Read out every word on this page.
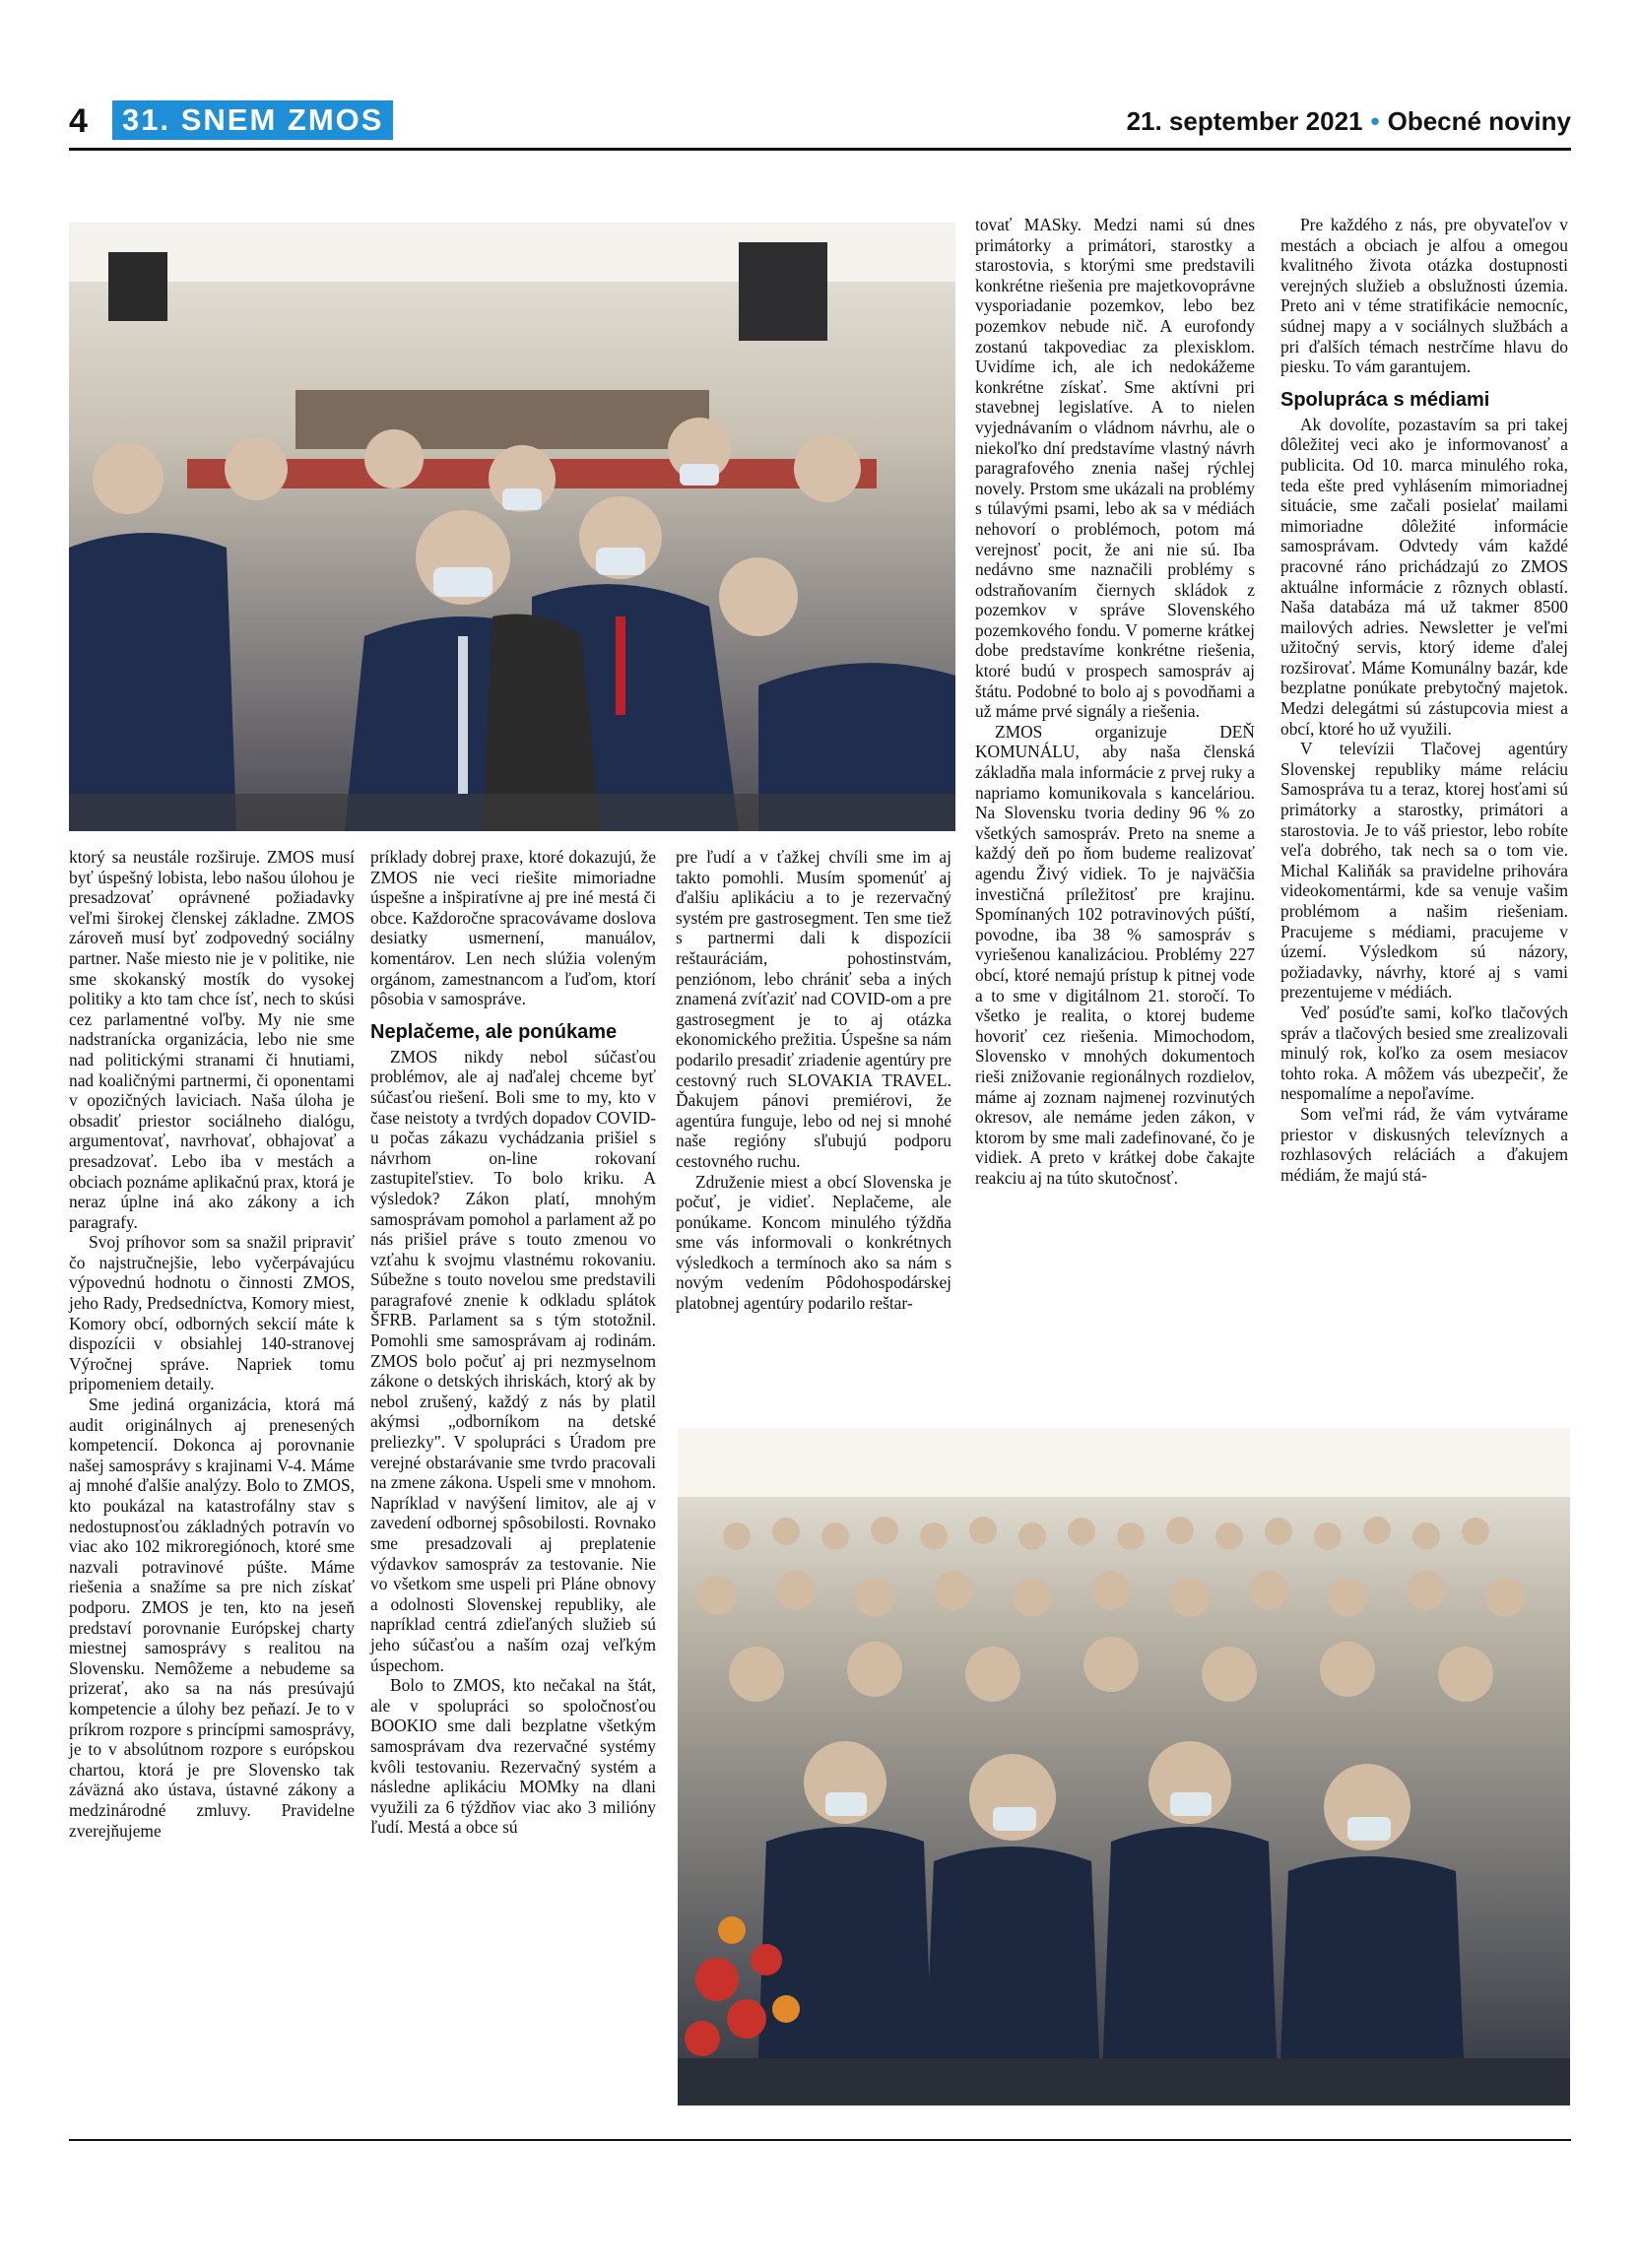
4	31. SNEM ZMOS	21. september 2021 • Obecné noviny

ktorý sa neustále rozširuje. ZMOS musí byť úspešný lobista, lebo našou úlohou je presadzovať oprávnené požiadavky veľmi širokej členskej základne. ZMOS zároveň musí byť zodpovedný sociálny partner. Naše miesto nie je v politike, nie sme skokanský mostík do vysokej politiky a kto tam chce ísť, nech to skúsi cez parlamentné voľby. My nie sme nadstranícka organizácia, lebo nie sme nad politickými stranami či hnutiami, nad koaličnými partnermi, či oponentami v opozičných laviciach. Naša úloha je obsadiť priestor sociálneho dialógu, argumentovať, navrhovať, obhajovať a presadzovať. Lebo iba v mestách a obciach poznáme aplikačnú prax, ktorá je neraz úplne iná ako zákony a ich paragrafy.

Svoj príhovor som sa snažil pripraviť čo najstručnejšie, lebo vyčerpávajúcu výpovednú hodnotu o činnosti ZMOS, jeho Rady, Predsedníctva, Komory miest, Komory obcí, odborných sekcií máte k dispozícii v obsiahlej 140-stranovej Výročnej správe. Napriek tomu pripomeniem detaily.

Sme jediná organizácia, ktorá má audit originálnych aj prenesených kompetencií. Dokonca aj porovnanie našej samosprávy s krajinami V-4. Máme aj mnohé ďalšie analýzy. Bolo to ZMOS, kto poukázal na katastrofálny stav s nedostupnosťou základných potravín vo viac ako 102 mikroregiónoch, ktoré sme nazvali potravinové púšte. Máme riešenia a snažíme sa pre nich získať podporu. ZMOS je ten, kto na jeseň predstaví porovnanie Európskej charty miestnej samosprávy s realitou na Slovensku. Nemôžeme a nebudeme sa prizerať, ako sa na nás presúvajú kompetencie a úlohy bez peňazí. Je to v príkrom rozpore s princípmi samosprávy, je to v absolútnom rozpore s európskou chartou, ktorá je pre Slovensko tak záväzná ako ústava, ústavné zákony a medzinárodné zmluvy. Pravidelne zverejňujeme

príklady dobrej praxe, ktoré dokazujú, že ZMOS nie veci riešite mimoriadne úspešne a inšpiratívne aj pre iné mestá či obce. Každoročne spracovávame doslova desiatky usmernení, manuálov, komentárov. Len nech slúžia voleným orgánom, zamestnancom a ľuďom, ktorí pôsobia v samospráve.

Neplačeme, ale ponúkame

ZMOS nikdy nebol súčasťou problémov, ale aj naďalej chceme byť súčasťou riešení. Boli sme to my, kto v čase neistoty a tvrdých dopadov COVID-u počas zákazu vychádzania prišiel s návrhom on-line rokovaní zastupiteľstiev. To bolo kriku. A výsledok? Zákon platí, mnohým samosprávam pomohol a parlament až po nás prišiel práve s touto zmenou vo vzťahu k svojmu vlastnému rokovaniu. Súbežne s touto novelou sme predstavili paragrafové znenie k odkladu splátok ŠFRB. Parlament sa s tým stotožnil. Pomohli sme samosprávam aj rodinám. ZMOS bolo počuť aj pri nezmyselnom zákone o detských ihriskách, ktorý ak by nebol zrušený, každý z nás by platil akýmsi „odborníkom na detské preliezky". V spolupráci s Úradom pre verejné obstarávanie sme tvrdo pracovali na zmene zákona. Uspeli sme v mnohom. Napríklad v navýšení limitov, ale aj v zavedení odbornej spôsobilosti. Rovnako sme presadzovali aj preplatenie výdavkov samospráv za testovanie. Nie vo všetkom sme uspeli pri Pláne obnovy a odolnosti Slovenskej republiky, ale napríklad centrá zdieľaných služieb sú jeho súčasťou a naším ozaj veľkým úspechom.

Bolo to ZMOS, kto nečakal na štát, ale v spolupráci so spoločnosťou BOOKIO sme dali bezplatne všetkým samosprávam dva rezervačné systémy kvôli testovaniu. Rezervačný systém a následne aplikáciu MOMky na dlani využili za 6 týždňov viac ako 3 milióny ľudí. Mestá a obce sú

pre ľudí a v ťažkej chvíli sme im aj takto pomohli. Musím spomenúť aj ďalšiu aplikáciu a to je rezervačný systém pre gastrosegment. Ten sme tiež s partnermi dali k dispozícii reštauráciám, pohostinstvám, penziónom, lebo chrániť seba a iných znamená zvíťaziť nad COVID-om a pre gastrosegment je to aj otázka ekonomického prežitia. Úspešne sa nám podarilo presadiť zriadenie agentúry pre cestovný ruch SLOVAKIA TRAVEL. Ďakujem pánovi premiérovi, že agentúra funguje, lebo od nej si mnohé naše regióny sľubujú podporu cestovného ruchu.

Združenie miest a obcí Slovenska je počuť, je vidieť. Neplačeme, ale ponúkame. Koncom minulého týždňa sme vás informovali o konkrétnych výsledkoch a termínoch ako sa nám s novým vedením Pôdohospodárskej platobnej agentúry podarilo reštar-

tovať MASky. Medzi nami sú dnes primátorky a primátori, starostky a starostovia, s ktorými sme predstavili konkrétne riešenia pre majetkovoprávne vysporiadanie pozemkov, lebo bez pozemkov nebude nič. A eurofondy zostanú takpovediac za plexisklom. Uvidíme ich, ale ich nedokážeme konkrétne získať. Sme aktívni pri stavebnej legislatíve. A to nielen vyjednávaním o vládnom návrhu, ale o niekoľko dní predstavíme vlastný návrh paragrafového znenia našej rýchlej novely. Prstom sme ukázali na problémy s túlavými psami, lebo ak sa v médiách nehovorí o problémoch, potom má verejnosť pocit, že ani nie sú. Iba nedávno sme naznačili problémy s odstraňovaním čiernych skládok z pozemkov v správe Slovenského pozemkového fondu. V pomerne krátkej dobe predstavíme konkrétne riešenia, ktoré budú v prospech samospráv aj štátu. Podobné to bolo aj s povodňami a už máme prvé signály a riešenia.

ZMOS organizuje DEŇ KOMUNÁLU, aby naša členská základňa mala informácie z prvej ruky a napriamo komunikovala s kanceláriou. Na Slovensku tvoria dediny 96 % zo všetkých samospráv. Preto na sneme a každý deň po ňom budeme realizovať agendu Živý vidiek. To je najväčšia investičná príležitosť pre krajinu. Spomínaných 102 potravinových púští, povodne, iba 38 % samospráv s vyriešenou kanalizáciou. Problémy 227 obcí, ktoré nemajú prístup k pitnej vode a to sme v digitálnom 21. storočí. To všetko je realita, o ktorej budeme hovoriť cez riešenia. Mimochodom, Slovensko v mnohých dokumentoch rieši znižovanie regionálnych rozdielov, máme aj zoznam najmenej rozvinutých okresov, ale nemáme jeden zákon, v ktorom by sme mali zadefinované, čo je vidiek. A preto v krátkej dobe čakajte reakciu aj na túto skutočnosť.

Pre každého z nás, pre obyvateľov v mestách a obciach je alfou a omegou kvalitného života otázka dostupnosti verejných služieb a obslužnosti územia. Preto ani v téme stratifikácie nemocníc, súdnej mapy a v sociálnych službách a pri ďalších témach nestrčíme hlavu do piesku. To vám garantujem.

Spolupráca s médiami

Ak dovolíte, pozastavím sa pri takej dôležitej veci ako je informovanosť a publicita. Od 10. marca minulého roka, teda ešte pred vyhlásením mimoriadnej situácie, sme začali posielať mailami mimoriadne dôležité informácie samosprávam. Odvtedy vám každé pracovné ráno prichádzajú zo ZMOS aktuálne informácie z rôznych oblastí. Naša databáza má už takmer 8500 mailových adries. Newsletter je veľmi užitočný servis, ktorý ideme ďalej rozširovať. Máme Komunálny bazár, kde bezplatne ponúkate prebytočný majetok. Medzi delegátmi sú zástupcovia miest a obcí, ktoré ho už využili.

V televízii Tlačovej agentúry Slovenskej republiky máme reláciu Samospráva tu a teraz, ktorej hosťami sú primátorky a starostky, primátori a starostovia. Je to váš priestor, lebo robíte veľa dobrého, tak nech sa o tom vie. Michal Kaliňák sa pravidelne prihovára videokomentármi, kde sa venuje vašim problémom a našim riešeniam. Pracujeme s médiami, pracujeme v území. Výsledkom sú názory, požiadavky, návrhy, ktoré aj s vami prezentujeme v médiách.

Veď posúďte sami, koľko tlačových správ a tlačových besied sme zrealizovali minulý rok, koľko za osem mesiacov tohto roka. A môžem vás ubezpečiť, že nespomalíme a nepoľavíme.

Som veľmi rád, že vám vytvárame priestor v diskusných televíznych a rozhlasových reláciách a ďakujem médiám, že majú stá-
